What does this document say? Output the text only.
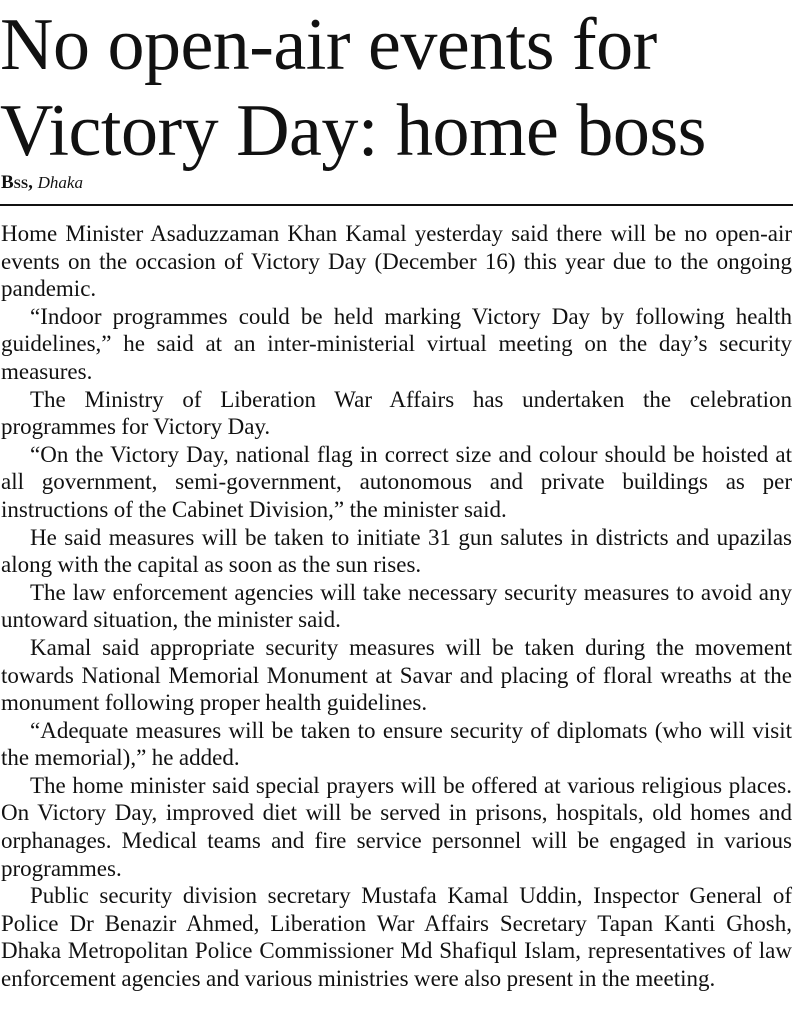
No open-air events for Victory Day: home boss
Bss, Dhaka

Home Minister Asaduzzaman Khan Kamal yesterday said there will be no open-air events on the occasion of Victory Day (December 16) this year due to the ongoing pandemic.

“Indoor programmes could be held marking Victory Day by following health guidelines,” he said at an inter-ministerial virtual meeting on the day’s security measures.

The Ministry of Liberation War Affairs has undertaken the celebration programmes for Victory Day.

“On the Victory Day, national flag in correct size and colour should be hoisted at all government, semi-government, autonomous and private buildings as per instructions of the Cabinet Division,” the minister said.

He said measures will be taken to initiate 31 gun salutes in districts and upazilas along with the capital as soon as the sun rises.

The law enforcement agencies will take necessary security measures to avoid any untoward situation, the minister said.

Kamal said appropriate security measures will be taken during the movement towards National Memorial Monument at Savar and placing of floral wreaths at the monument following proper health guidelines.

“Adequate measures will be taken to ensure security of diplomats (who will visit the memorial),” he added.

The home minister said special prayers will be offered at various religious places. On Victory Day, improved diet will be served in prisons, hospitals, old homes and orphanages. Medical teams and fire service personnel will be engaged in various programmes.

Public security division secretary Mustafa Kamal Uddin, Inspector General of Police Dr Benazir Ahmed, Liberation War Affairs Secretary Tapan Kanti Ghosh, Dhaka Metropolitan Police Commissioner Md Shafiqul Islam, representatives of law enforcement agencies and various ministries were also present in the meeting.
